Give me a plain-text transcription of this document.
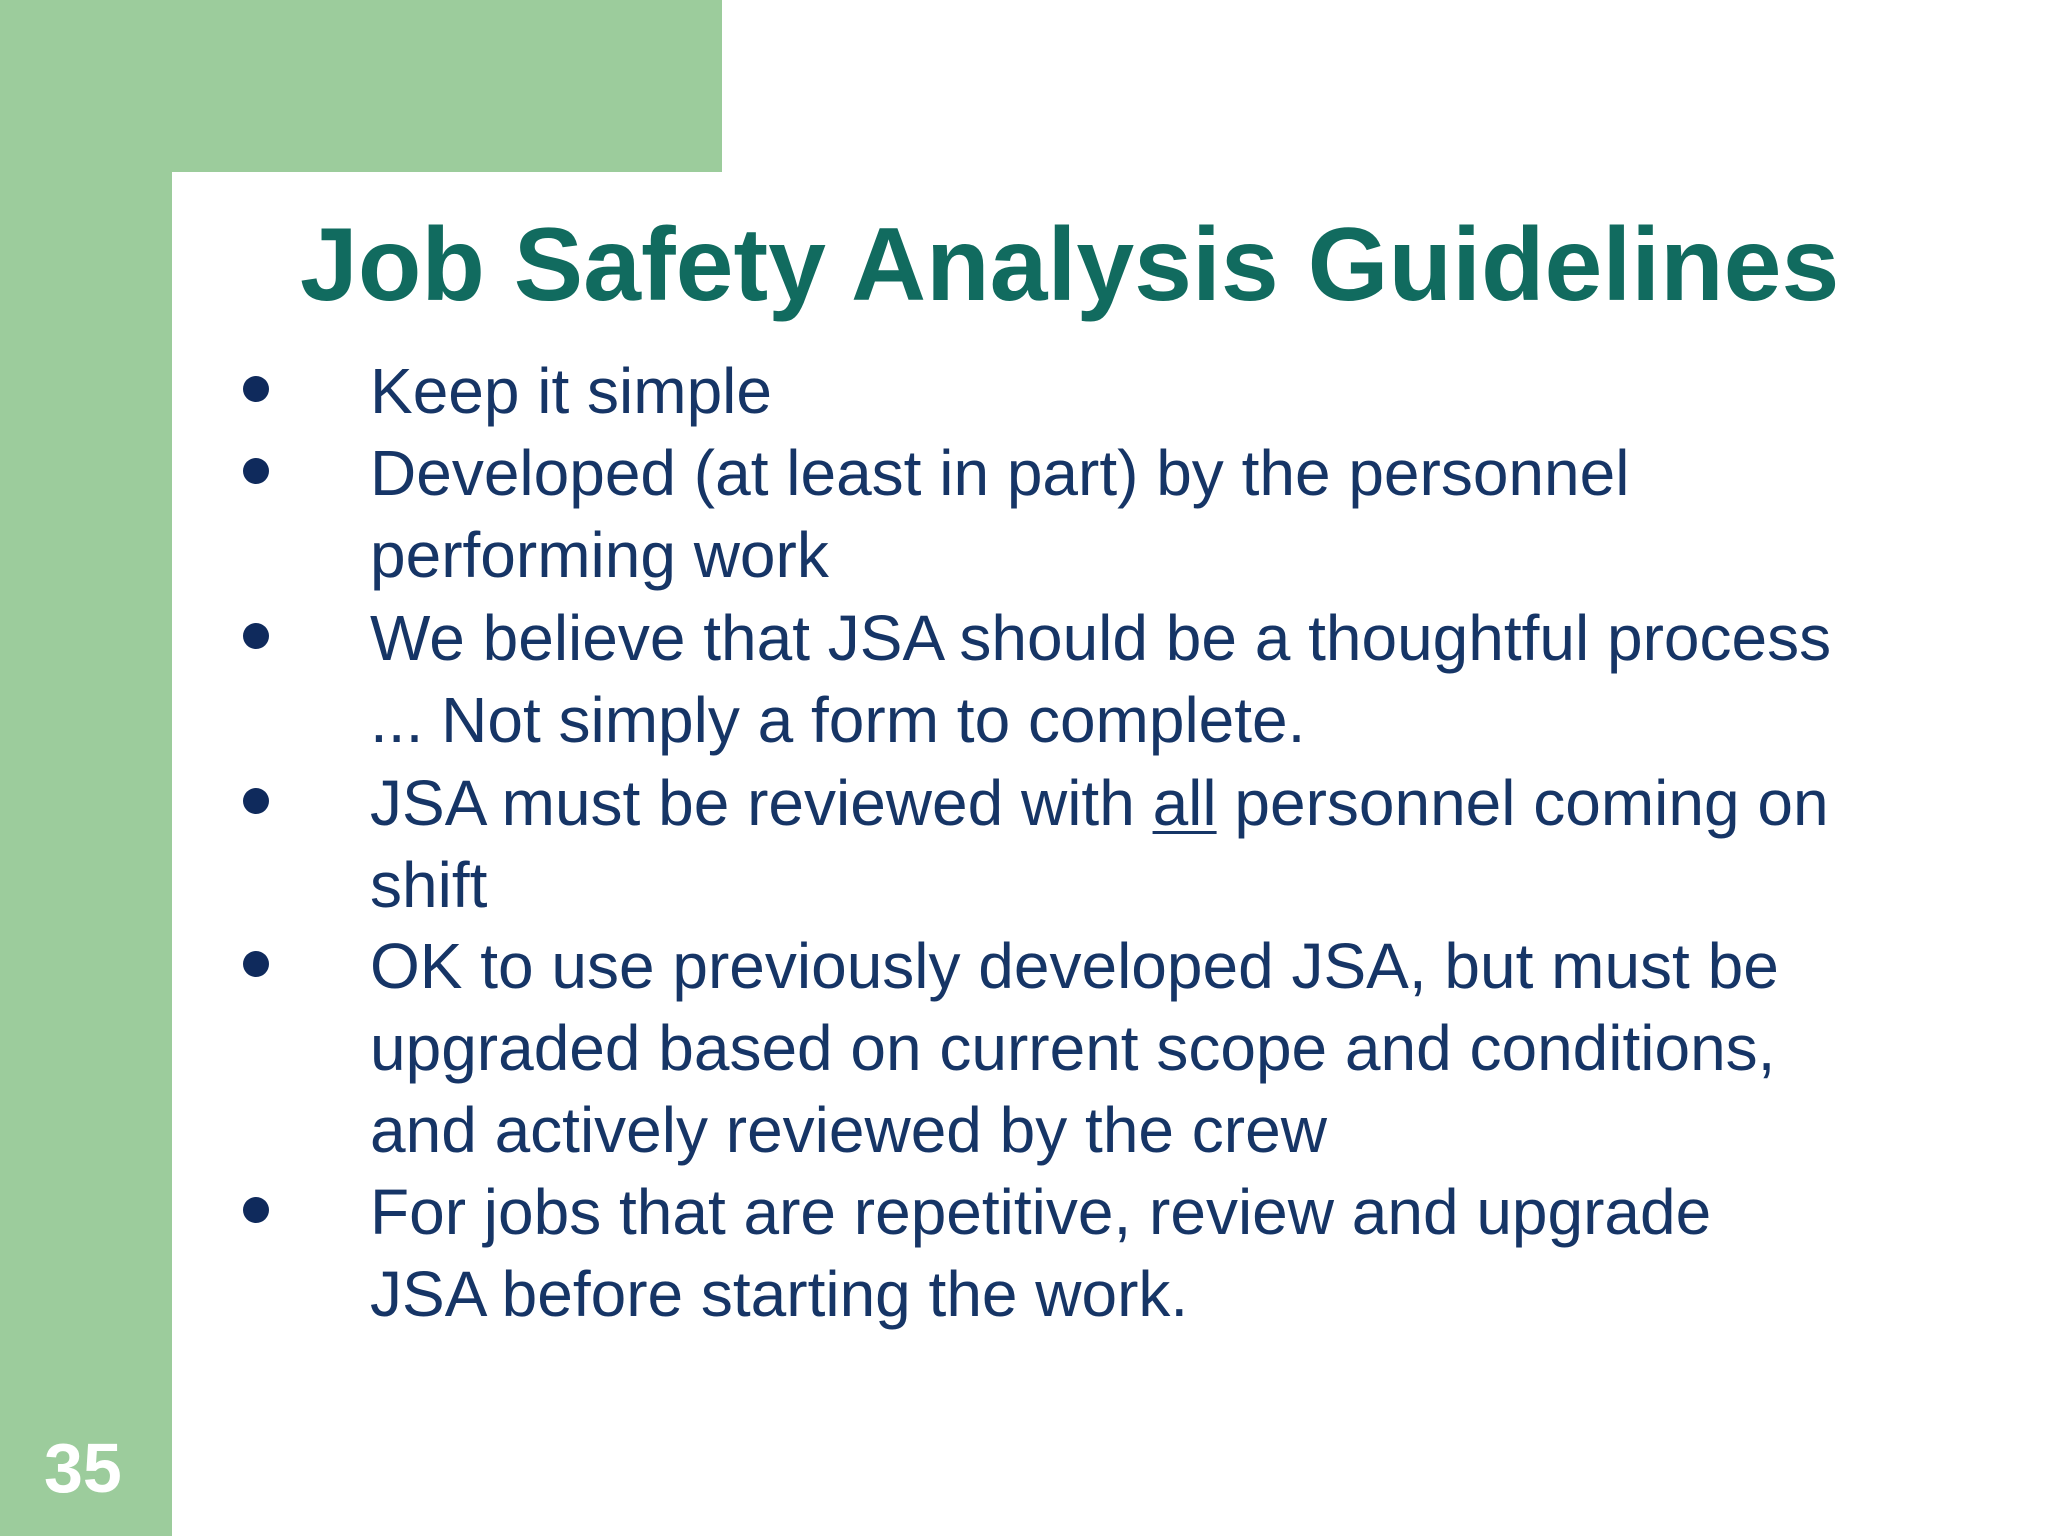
35
Job Safety Analysis Guidelines
Keep it simple
Developed (at least in part) by the personnel
performing work
We believe that JSA should be a thoughtful process
... Not simply a form to complete.
JSA must be reviewed with all personnel coming on
shift
OK to use previously developed JSA, but must be
upgraded based on current scope and conditions,
and actively reviewed by the crew
For jobs that are repetitive, review and upgrade
JSA before starting the work.
